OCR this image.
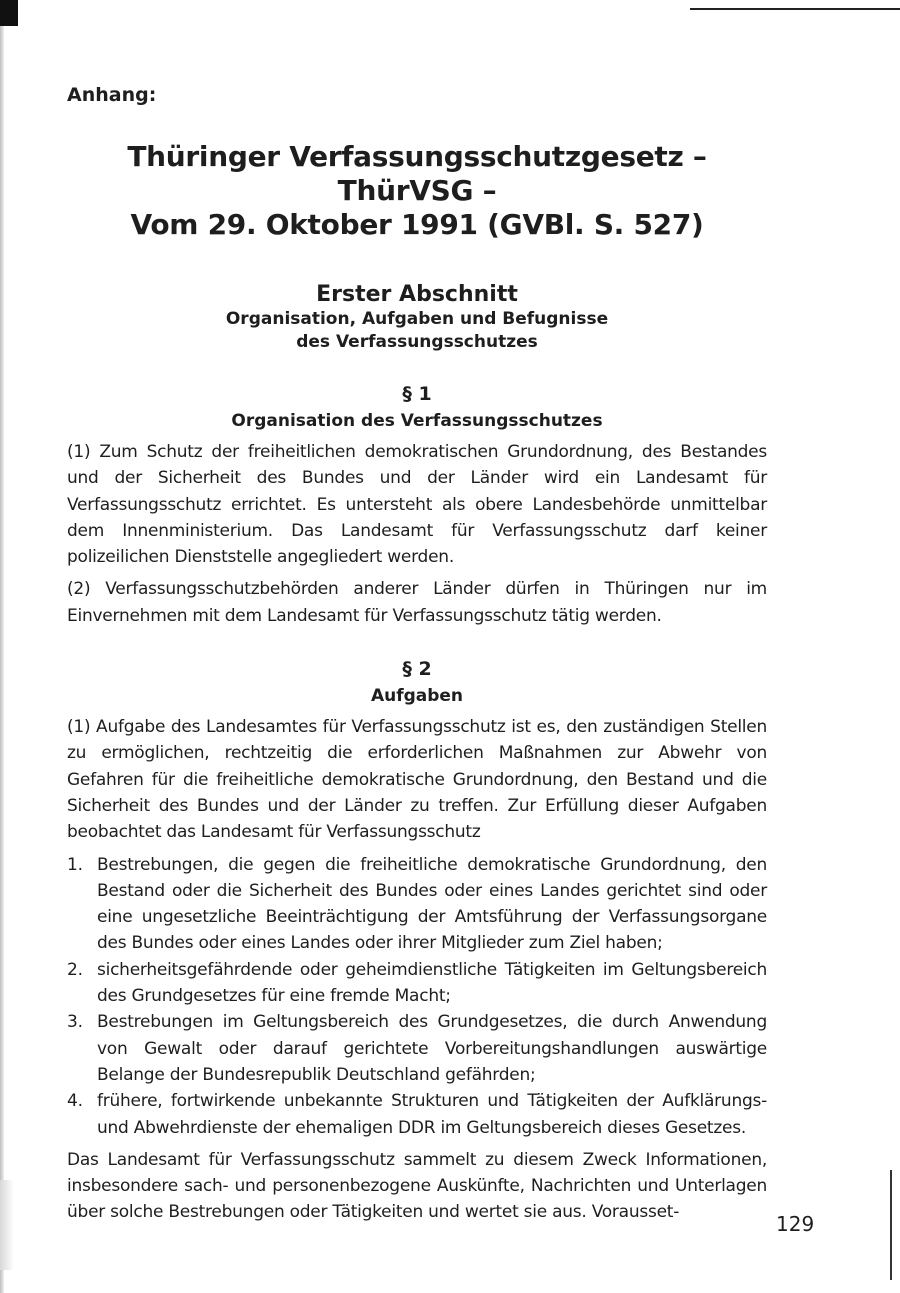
Anhang:

Thüringer Verfassungsschutzgesetz – ThürVSG –

Vom 29. Oktober 1991 (GVBl. S. 527)

Erster Abschnitt

Organisation, Aufgaben und Befugnisse

des Verfassungsschutzes

§ 1

Organisation des Verfassungsschutzes

(1) Zum Schutz der freiheitlichen demokratischen Grundordnung, des Bestandes und der Sicherheit des Bundes und der Länder wird ein Landesamt für Verfassungsschutz errichtet. Es untersteht als obere Landesbehörde unmittelbar dem Innenministerium. Das Landesamt für Verfassungsschutz darf keiner polizeilichen Dienststelle angegliedert werden.

(2) Verfassungsschutzbehörden anderer Länder dürfen in Thüringen nur im Einvernehmen mit dem Landesamt für Verfassungsschutz tätig werden.

§ 2

Aufgaben

(1) Aufgabe des Landesamtes für Verfassungsschutz ist es, den zuständigen Stellen zu ermöglichen, rechtzeitig die erforderlichen Maßnahmen zur Abwehr von Gefahren für die freiheitliche demokratische Grundordnung, den Bestand und die Sicherheit des Bundes und der Länder zu treffen. Zur Erfüllung dieser Aufgaben beobachtet das Landesamt für Verfassungsschutz

1. Bestrebungen, die gegen die freiheitliche demokratische Grundordnung, den Bestand oder die Sicherheit des Bundes oder eines Landes gerichtet sind oder eine ungesetzliche Beeinträchtigung der Amtsführung der Verfassungsorgane des Bundes oder eines Landes oder ihrer Mitglieder zum Ziel haben;
2. sicherheitsgefährdende oder geheimdienstliche Tätigkeiten im Geltungsbereich des Grundgesetzes für eine fremde Macht;
3. Bestrebungen im Geltungsbereich des Grundgesetzes, die durch Anwendung von Gewalt oder darauf gerichtete Vorbereitungshandlungen auswärtige Belange der Bundesrepublik Deutschland gefährden;
4. frühere, fortwirkende unbekannte Strukturen und Tätigkeiten der Aufklärungs- und Abwehrdienste der ehemaligen DDR im Geltungsbereich dieses Gesetzes.

Das Landesamt für Verfassungsschutz sammelt zu diesem Zweck Informationen, insbesondere sach- und personenbezogene Auskünfte, Nachrichten und Unterlagen über solche Bestrebungen oder Tätigkeiten und wertet sie aus. Vorausset-	129
